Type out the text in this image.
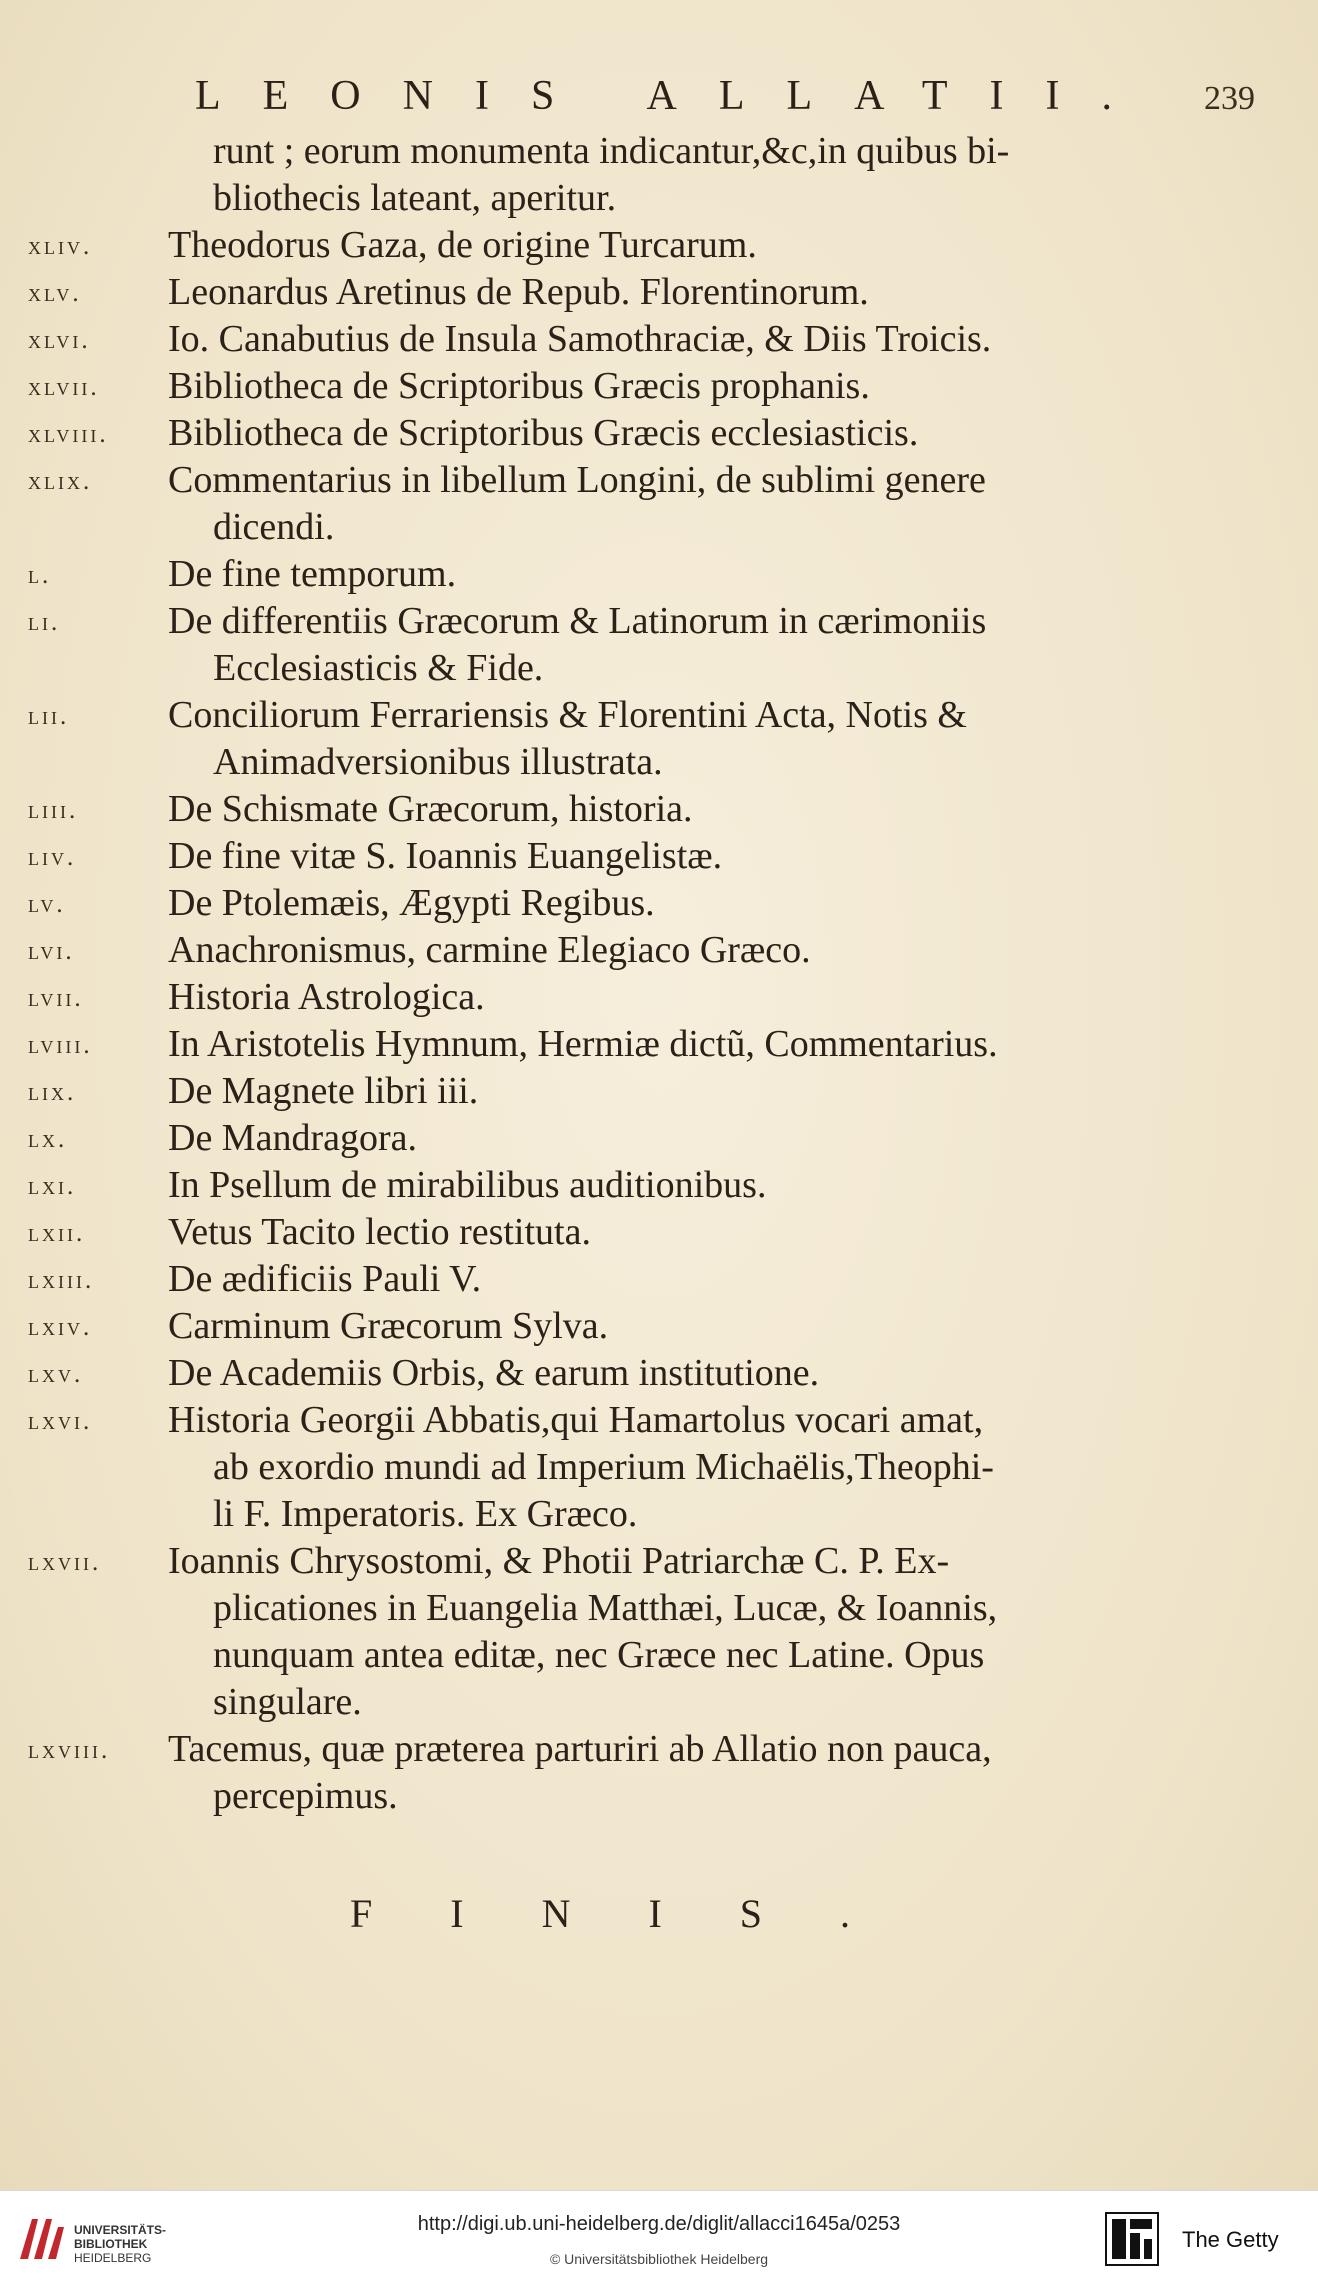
LEONIS ALLATII. 239
runt ; eorum monumenta indicantur,&c,in quibus bi-
bliothecis lateant, aperitur.
xliv. Theodorus Gaza, de origine Turcarum.
xlv. Leonardus Aretinus de Repub. Florentinorum.
xlvi. Io. Canabutius de Insula Samothraciæ, & Diis Troicis.
xlvii. Bibliotheca de Scriptoribus Græcis prophanis.
xlviii. Bibliotheca de Scriptoribus Græcis ecclesiasticis.
xlix. Commentarius in libellum Longini, de sublimi genere
dicendi.
l.	De fine temporum.
li.	De differentiis Græcorum & Latinorum in cærimoniis
Ecclesiasticis & Fide.
lii.	Conciliorum Ferrariensis & Florentini Acta, Notis &
Animadversionibus illustrata.
liii. De Schismate Græcorum, historia.
liv. De fine vitæ S. Ioannis Euangelistæ.
lv.	De Ptolemæis, Ægypti Regibus.
lvi. Anachronismus, carmine Elegiaco Græco.
lvii. Historia Astrologica.
lviii. In Aristotelis Hymnum, Hermiæ dictũ, Commentarius.
lix. De Magnete libri iii.
lx.	De Mandragora.
lxi. In Psellum de mirabilibus auditionibus.
lxii. Vetus Tacito lectio restituta.
lxiii. De ædificiis Pauli V.
lxiv. Carminum Græcorum Sylva.
lxv. De Academiis Orbis, & earum institutione.
lxvi. Historia Georgii Abbatis,qui Hamartolus vocari amat,
ab exordio mundi ad Imperium Michaëlis,Theophi-
li F. Imperatoris. Ex Græco.
lxvii. Ioannis Chrysostomi, & Photii Patriarchæ C. P. Ex-
plicationes in Euangelia Matthæi, Lucæ, & Ioannis,
nunquam antea editæ, nec Græce nec Latine. Opus
singulare.
lxviii. Tacemus, quæ præterea parturiri ab Allatio non pauca,
percepimus.
FINIS.
UNIVERSITÄTS-
BIBLIOTHEK
HEIDELBERG
http://digi.ub.uni-heidelberg.de/diglit/allacci1645a/0253
© Universitätsbibliothek Heidelberg
The Getty
